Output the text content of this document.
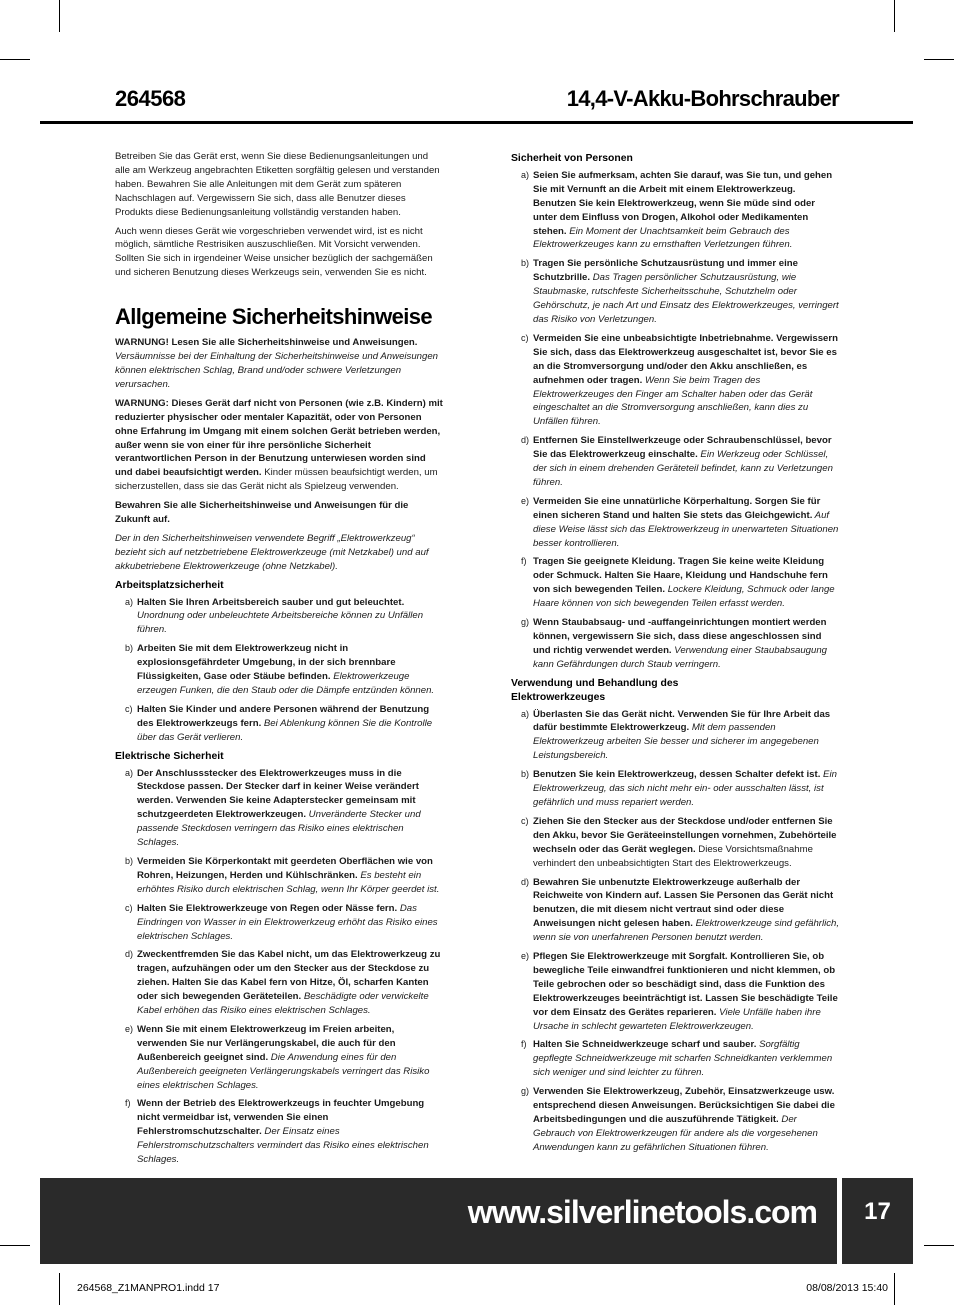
264568	14,4-V-Akku-Bohrschrauber

Betreiben Sie das Gerät erst, wenn Sie diese Bedienungsanleitungen und alle am Werkzeug angebrachten Etiketten sorgfältig gelesen und verstanden haben. Bewahren Sie alle Anleitungen mit dem Gerät zum späteren Nachschlagen auf. Vergewissern Sie sich, dass alle Benutzer dieses Produkts diese Bedienungsanleitung vollständig verstanden haben.

Auch wenn dieses Gerät wie vorgeschrieben verwendet wird, ist es nicht möglich, sämtliche Restrisiken auszuschließen. Mit Vorsicht verwenden. Sollten Sie sich in irgendeiner Weise unsicher bezüglich der sachgemäßen und sicheren Benutzung dieses Werkzeugs sein, verwenden Sie es nicht.

Allgemeine Sicherheitshinweise

WARNUNG! Lesen Sie alle Sicherheitshinweise und Anweisungen.
Versäumnisse bei der Einhaltung der Sicherheitshinweise und Anweisungen können elektrischen Schlag, Brand und/oder schwere Verletzungen verursachen.

WARNUNG: Dieses Gerät darf nicht von Personen (wie z.B. Kindern) mit reduzierter physischer oder mentaler Kapazität, oder von Personen ohne Erfahrung im Umgang mit einem solchen Gerät betrieben werden, außer wenn sie von einer für ihre persönliche Sicherheit verantwortlichen Person in der Benutzung unterwiesen worden sind und dabei beaufsichtigt werden. Kinder müssen beaufsichtigt werden, um sicherzustellen, dass sie das Gerät nicht als Spielzeug verwenden.

Bewahren Sie alle Sicherheitshinweise und Anweisungen für die Zukunft auf.

Der in den Sicherheitshinweisen verwendete Begriff „Elektrowerkzeug“ bezieht sich auf netzbetriebene Elektrowerkzeuge (mit Netzkabel) und auf akkubetriebene Elektrowerkzeuge (ohne Netzkabel).

Arbeitsplatzsicherheit
a) Halten Sie Ihren Arbeitsbereich sauber und gut beleuchtet. Unordnung oder unbeleuchtete Arbeitsbereiche können zu Unfällen führen.
b) Arbeiten Sie mit dem Elektrowerkzeug nicht in explosionsgefährdeter Umgebung, in der sich brennbare Flüssigkeiten, Gase oder Stäube befinden. Elektrowerkzeuge erzeugen Funken, die den Staub oder die Dämpfe entzünden können.
c) Halten Sie Kinder und andere Personen während der Benutzung des Elektrowerkzeugs fern. Bei Ablenkung können Sie die Kontrolle über das Gerät verlieren.
Elektrische Sicherheit
a) Der Anschlussstecker des Elektrowerkzeuges muss in die Steckdose passen. Der Stecker darf in keiner Weise verändert werden. Verwenden Sie keine Adapterstecker gemeinsam mit schutzgeerdeten Elektrowerkzeugen. Unveränderte Stecker und passende Steckdosen verringern das Risiko eines elektrischen Schlages.
b) Vermeiden Sie Körperkontakt mit geerdeten Oberflächen wie von Rohren, Heizungen, Herden und Kühlschränken. Es besteht ein erhöhtes Risiko durch elektrischen Schlag, wenn Ihr Körper geerdet ist.
c) Halten Sie Elektrowerkzeuge von Regen oder Nässe fern. Das Eindringen von Wasser in ein Elektrowerkzeug erhöht das Risiko eines elektrischen Schlages.
d) Zweckentfremden Sie das Kabel nicht, um das Elektrowerkzeug zu tragen, aufzuhängen oder um den Stecker aus der Steckdose zu ziehen. Halten Sie das Kabel fern von Hitze, Öl, scharfen Kanten oder sich bewegenden Geräteteilen. Beschädigte oder verwickelte Kabel erhöhen das Risiko eines elektrischen Schlages.
e) Wenn Sie mit einem Elektrowerkzeug im Freien arbeiten, verwenden Sie nur Verlängerungskabel, die auch für den Außenbereich geeignet sind. Die Anwendung eines für den Außenbereich geeigneten Verlängerungskabels verringert das Risiko eines elektrischen Schlages.
f) Wenn der Betrieb des Elektrowerkzeugs in feuchter Umgebung nicht vermeidbar ist, verwenden Sie einen Fehlerstromschutzschalter. Der Einsatz eines Fehlerstromschutzschalters vermindert das Risiko eines elektrischen Schlages.
Sicherheit von Personen
a) Seien Sie aufmerksam, achten Sie darauf, was Sie tun, und gehen Sie mit Vernunft an die Arbeit mit einem Elektrowerkzeug. Benutzen Sie kein Elektrowerkzeug, wenn Sie müde sind oder unter dem Einfluss von Drogen, Alkohol oder Medikamenten stehen. Ein Moment der Unachtsamkeit beim Gebrauch des Elektrowerkzeuges kann zu ernsthaften Verletzungen führen.
b) Tragen Sie persönliche Schutzausrüstung und immer eine Schutzbrille. Das Tragen persönlicher Schutzausrüstung, wie Staubmaske, rutschfeste Sicherheitsschuhe, Schutzhelm oder Gehörschutz, je nach Art und Einsatz des Elektrowerkzeuges, verringert das Risiko von Verletzungen.
c) Vermeiden Sie eine unbeabsichtigte Inbetriebnahme. Vergewissern Sie sich, dass das Elektrowerkzeug ausgeschaltet ist, bevor Sie es an die Stromversorgung und/oder den Akku anschließen, es aufnehmen oder tragen. Wenn Sie beim Tragen des Elektrowerkzeuges den Finger am Schalter haben oder das Gerät eingeschaltet an die Stromversorgung anschließen, kann dies zu Unfällen führen.
d) Entfernen Sie Einstellwerkzeuge oder Schraubenschlüssel, bevor Sie das Elektrowerkzeug einschalte. Ein Werkzeug oder Schlüssel, der sich in einem drehenden Geräteteil befindet, kann zu Verletzungen führen.
e) Vermeiden Sie eine unnatürliche Körperhaltung. Sorgen Sie für einen sicheren Stand und halten Sie stets das Gleichgewicht. Auf diese Weise lässt sich das Elektrowerkzeug in unerwarteten Situationen besser kontrollieren.
f) Tragen Sie geeignete Kleidung. Tragen Sie keine weite Kleidung oder Schmuck. Halten Sie Haare, Kleidung und Handschuhe fern von sich bewegenden Teilen. Lockere Kleidung, Schmuck oder lange Haare können von sich bewegenden Teilen erfasst werden.
g) Wenn Staubabsaug- und -auffangeinrichtungen montiert werden können, vergewissern Sie sich, dass diese angeschlossen sind und richtig verwendet werden. Verwendung einer Staubabsaugung kann Gefährdungen durch Staub verringern.
Verwendung und Behandlung des Elektrowerkzeuges
a) Überlasten Sie das Gerät nicht. Verwenden Sie für Ihre Arbeit das dafür bestimmte Elektrowerkzeug. Mit dem passenden Elektrowerkzeug arbeiten Sie besser und sicherer im angegebenen Leistungsbereich.
b) Benutzen Sie kein Elektrowerkzeug, dessen Schalter defekt ist. Ein Elektrowerkzeug, das sich nicht mehr ein- oder ausschalten lässt, ist gefährlich und muss repariert werden.
c) Ziehen Sie den Stecker aus der Steckdose und/oder entfernen Sie den Akku, bevor Sie Geräteeinstellungen vornehmen, Zubehörteile wechseln oder das Gerät weglegen. Diese Vorsichtsmaßnahme verhindert den unbeabsichtigten Start des Elektrowerkzeugs.
d) Bewahren Sie unbenutzte Elektrowerkzeuge außerhalb der Reichweite von Kindern auf. Lassen Sie Personen das Gerät nicht benutzen, die mit diesem nicht vertraut sind oder diese Anweisungen nicht gelesen haben. Elektrowerkzeuge sind gefährlich, wenn sie von unerfahrenen Personen benutzt werden.
e) Pflegen Sie Elektrowerkzeuge mit Sorgfalt. Kontrollieren Sie, ob bewegliche Teile einwandfrei funktionieren und nicht klemmen, ob Teile gebrochen oder so beschädigt sind, dass die Funktion des Elektrowerkzeuges beeinträchtigt ist. Lassen Sie beschädigte Teile vor dem Einsatz des Gerätes reparieren. Viele Unfälle haben ihre Ursache in schlecht gewarteten Elektrowerkzeugen.
f) Halten Sie Schneidwerkzeuge scharf und sauber. Sorgfältig gepflegte Schneidwerkzeuge mit scharfen Schneidkanten verklemmen sich weniger und sind leichter zu führen.
g) Verwenden Sie Elektrowerkzeug, Zubehör, Einsatzwerkzeuge usw. entsprechend diesen Anweisungen. Berücksichtigen Sie dabei die Arbeitsbedingungen und die auszuführende Tätigkeit. Der Gebrauch von Elektrowerkzeugen für andere als die vorgesehenen Anwendungen kann zu gefährlichen Situationen führen.
www.silverlinetools.com	17
264568_Z1MANPRO1.indd 17	08/08/2013 15:40
